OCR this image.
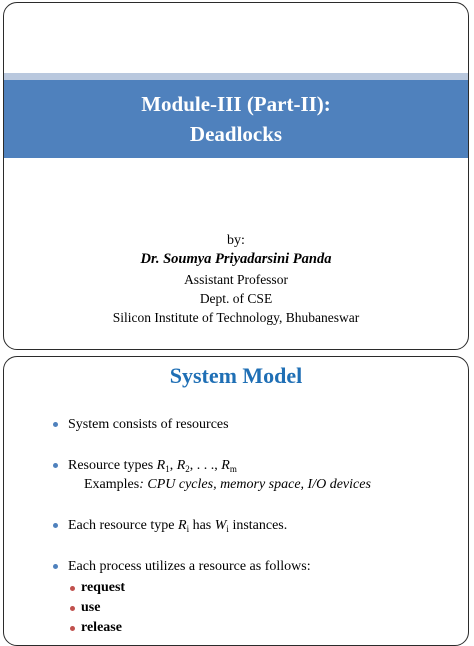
Module-III (Part-II):
Deadlocks
by:
Dr. Soumya Priyadarsini Panda
Assistant Professor
Dept. of CSE
Silicon Institute of Technology, Bhubaneswar
System Model
System consists of resources
Resource types $R_1$, $R_2$, . . ., $R_m$
Examples: CPU cycles, memory space, I/O devices
Each resource type $R_i$ has $W_i$ instances.
Each process utilizes a resource as follows:
request
use
release
